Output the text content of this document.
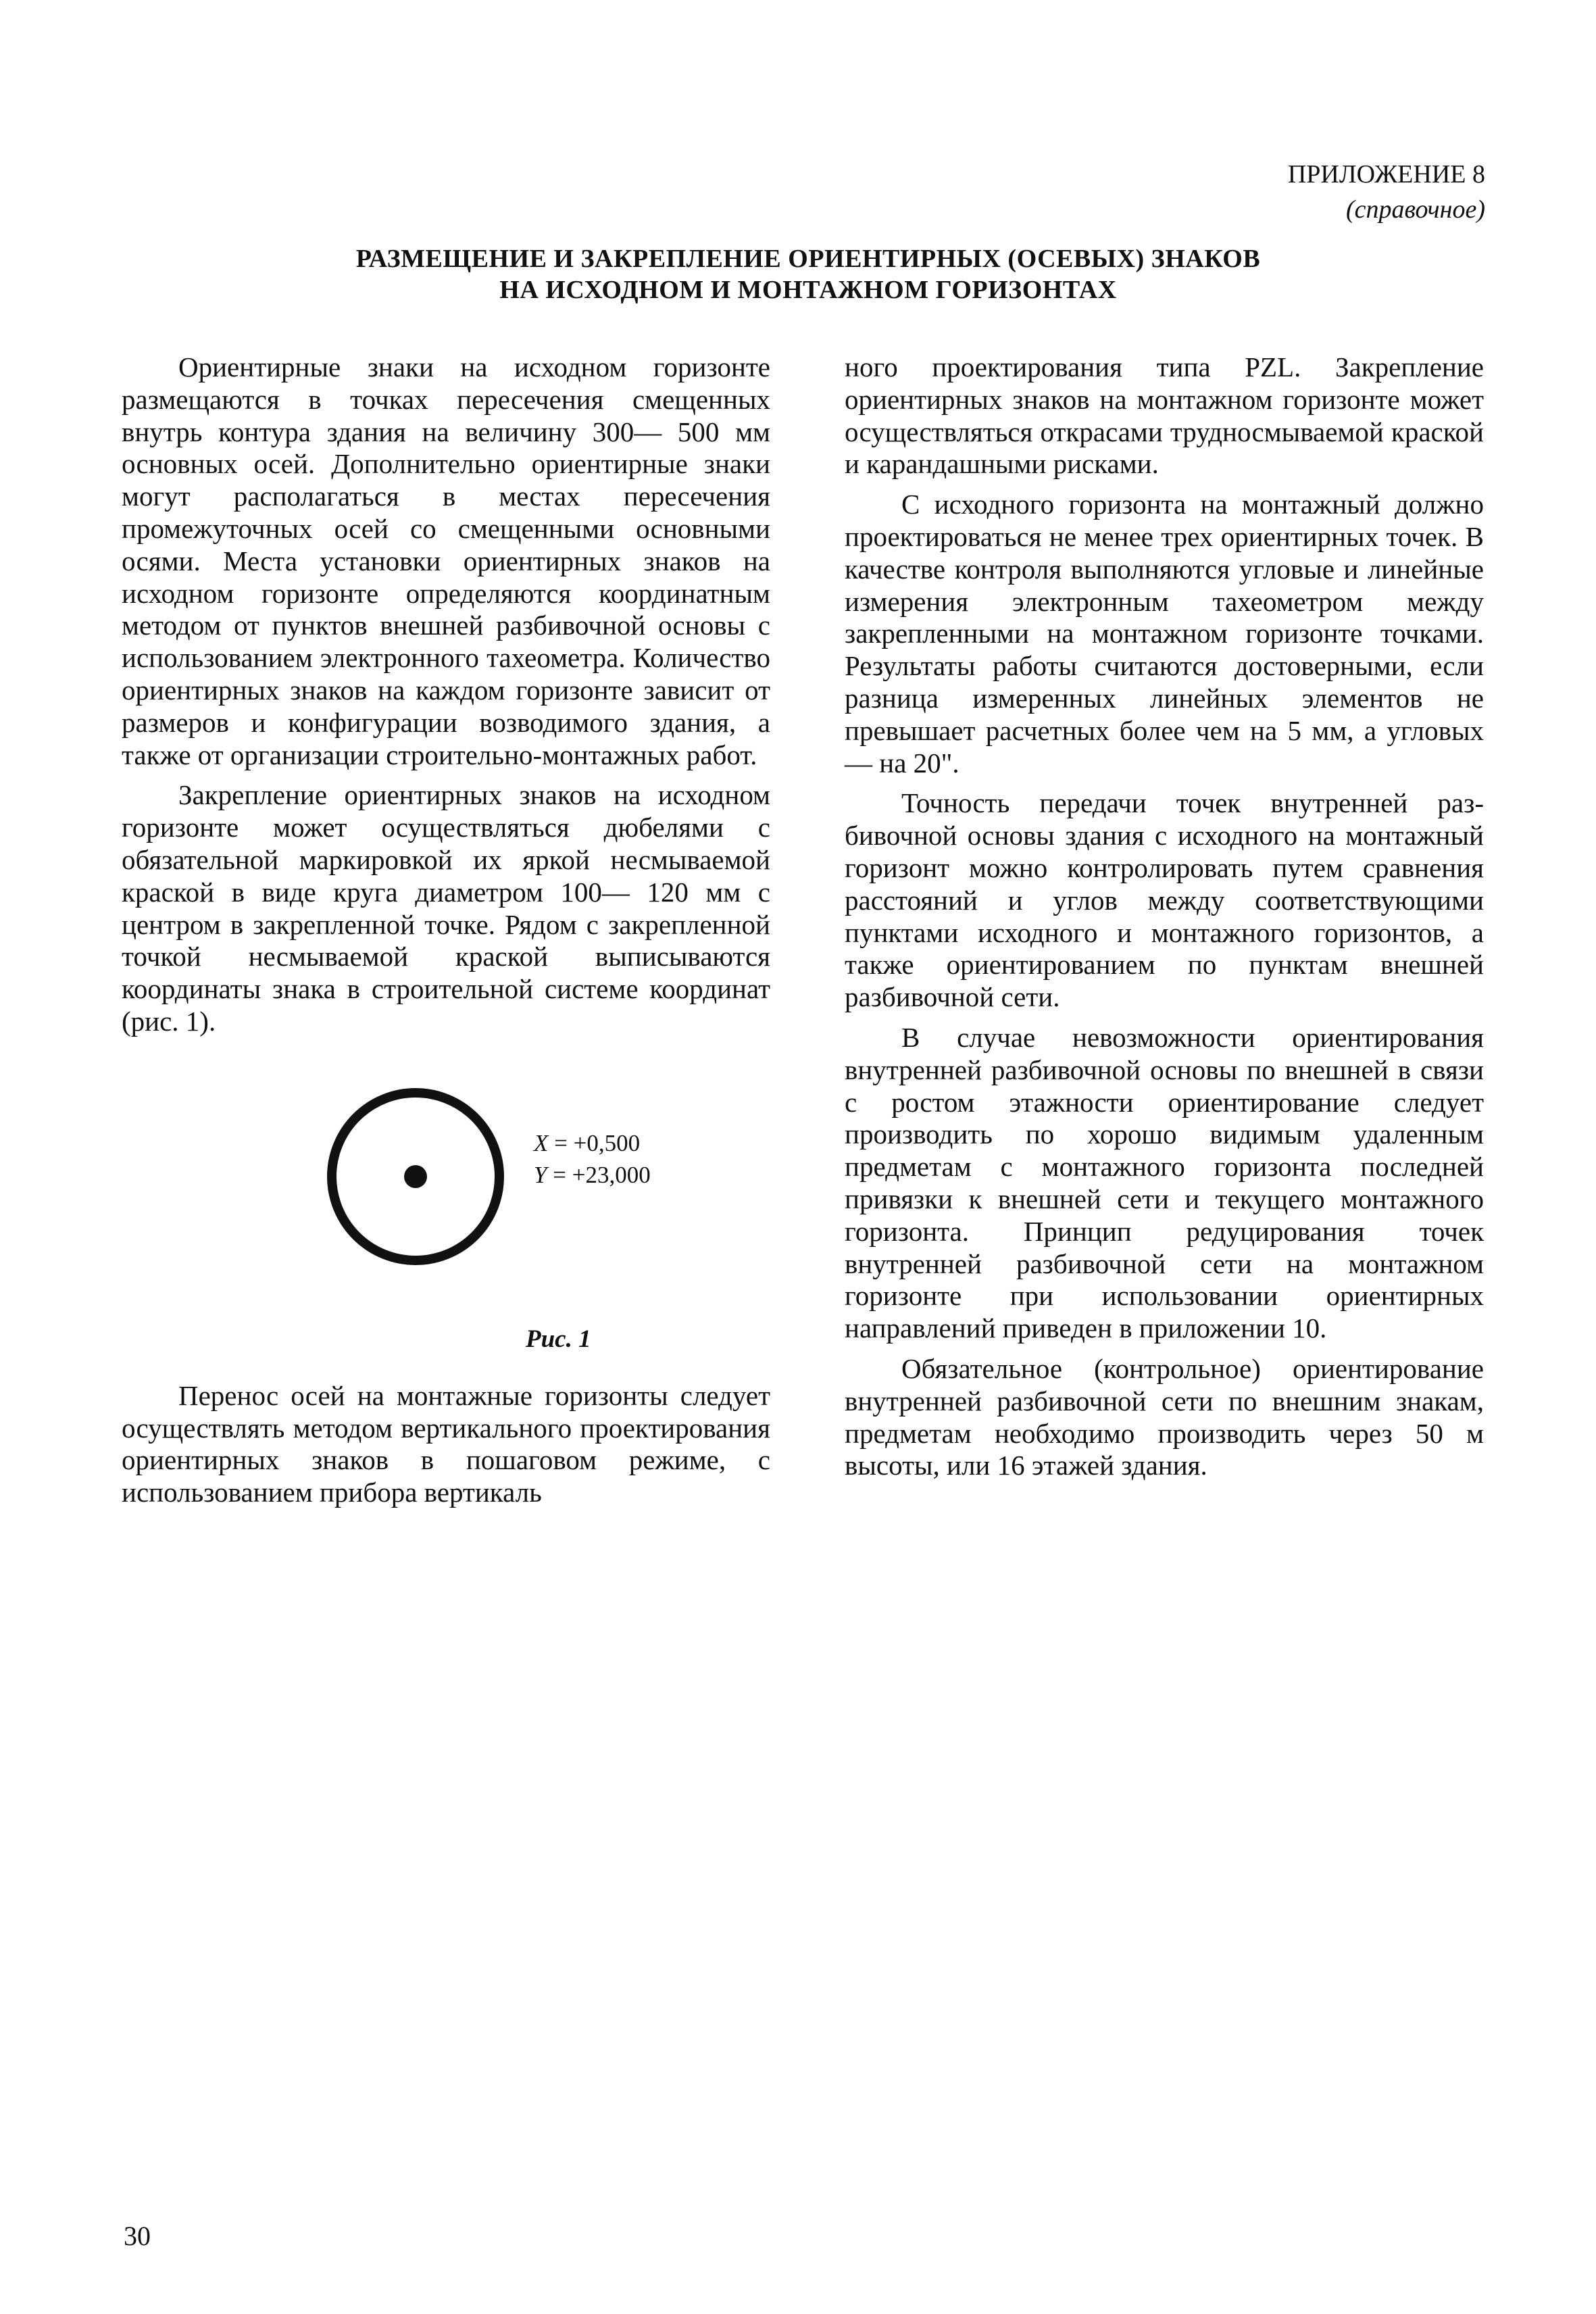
ПРИЛОЖЕНИЕ 8
(справочное)
РАЗМЕЩЕНИЕ И ЗАКРЕПЛЕНИЕ ОРИЕНТИРНЫХ (ОСЕВЫХ) ЗНАКОВ
НА ИСХОДНОМ И МОНТАЖНОМ ГОРИЗОНТАХ

Ориентирные знаки на исходном горизонте размещаются в точках пересечения смещенных внутрь контура здания на величину 300— 500 мм основных осей. Дополнительно ориентирные знаки могут располагаться в местах пересечения промежуточных осей со смещенными основными осями. Места установки ориентирных знаков на исходном горизонте определяются координатным методом от пунктов внешней разбивочной основы с использованием электронного тахеометра. Количество ориентирных знаков на каждом горизонте зависит от размеров и конфигурации возводимого здания, а также от организации строительно-монтажных работ.

Закрепление ориентирных знаков на исходном горизонте может осуществляться дюбелями с обязательной маркировкой их яркой несмываемой краской в виде круга диаметром 100— 120 мм с центром в закрепленной точке. Рядом с закрепленной точкой несмываемой краской выписываются координаты знака в строительной системе координат (рис. 1).

X = +0,500
Y = +23,000
Рис. 1

Перенос осей на монтажные горизонты следует осуществлять методом вертикального проектирования ориентирных знаков в пошаговом режиме, с использованием прибора вертикаль

ного проектирования типа PZL. Закрепление ориентирных знаков на монтажном горизонте может осуществляться открасами трудносмываемой краской и карандашными рисками.

С исходного горизонта на монтажный должно проектироваться не менее трех ориентирных точек. В качестве контроля выполняются угловые и линейные измерения электронным тахеометром между закрепленными на монтажном горизонте точками. Результаты работы считаются достоверными, если разница измеренных линейных элементов не превышает расчетных более чем на 5 мм, а угловых — на 20".

Точность передачи точек внутренней разбивочной основы здания с исходного на монтажный горизонт можно контролировать путем сравнения расстояний и углов между соответствующими пунктами исходного и монтажного горизонтов, а также ориентированием по пунктам внешней разбивочной сети.

В случае невозможности ориентирования внутренней разбивочной основы по внешней в связи с ростом этажности ориентирование следует производить по хорошо видимым удаленным предметам с монтажного горизонта последней привязки к внешней сети и текущего монтажного горизонта. Принцип редуцирования точек внутренней разбивочной сети на монтажном горизонте при использовании ориентирных направлений приведен в приложении 10.

Обязательное (контрольное) ориентирование внутренней разбивочной сети по внешним знакам, предметам необходимо производить через 50 м высоты, или 16 этажей здания.

30
